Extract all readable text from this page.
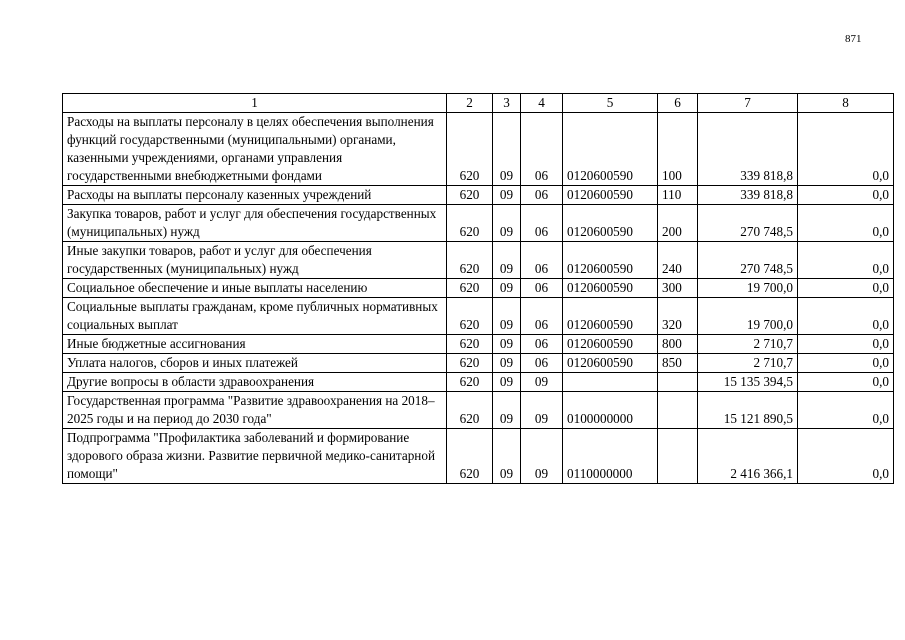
871
1	2	3	4	5	6	7	8
Расходы на выплаты персоналу в целях обеспечения выполнения функций государственными (муниципальными) органами, казенными учреждениями, органами управления государственными внебюджетными фондами	620	09	06	0120600590	100	339 818,8	0,0
Расходы на выплаты персоналу казенных учреждений	620	09	06	0120600590	110	339 818,8	0,0
Закупка товаров, работ и услуг для обеспечения государственных (муниципальных) нужд	620	09	06	0120600590	200	270 748,5	0,0
Иные закупки товаров, работ и услуг для обеспечения государственных (муниципальных) нужд	620	09	06	0120600590	240	270 748,5	0,0
Социальное обеспечение и иные выплаты населению	620	09	06	0120600590	300	19 700,0	0,0
Социальные выплаты гражданам, кроме публичных нормативных социальных выплат	620	09	06	0120600590	320	19 700,0	0,0
Иные бюджетные ассигнования	620	09	06	0120600590	800	2 710,7	0,0
Уплата налогов, сборов и иных платежей	620	09	06	0120600590	850	2 710,7	0,0
Другие вопросы в области здравоохранения	620	09	09			15 135 394,5	0,0
Государственная программа "Развитие здравоохранения на 2018–2025 годы и на период до 2030 года"	620	09	09	0100000000		15 121 890,5	0,0
Подпрограмма "Профилактика заболеваний и формирование здорового образа жизни. Развитие первичной медико-санитарной помощи"	620	09	09	0110000000		2 416 366,1	0,0
